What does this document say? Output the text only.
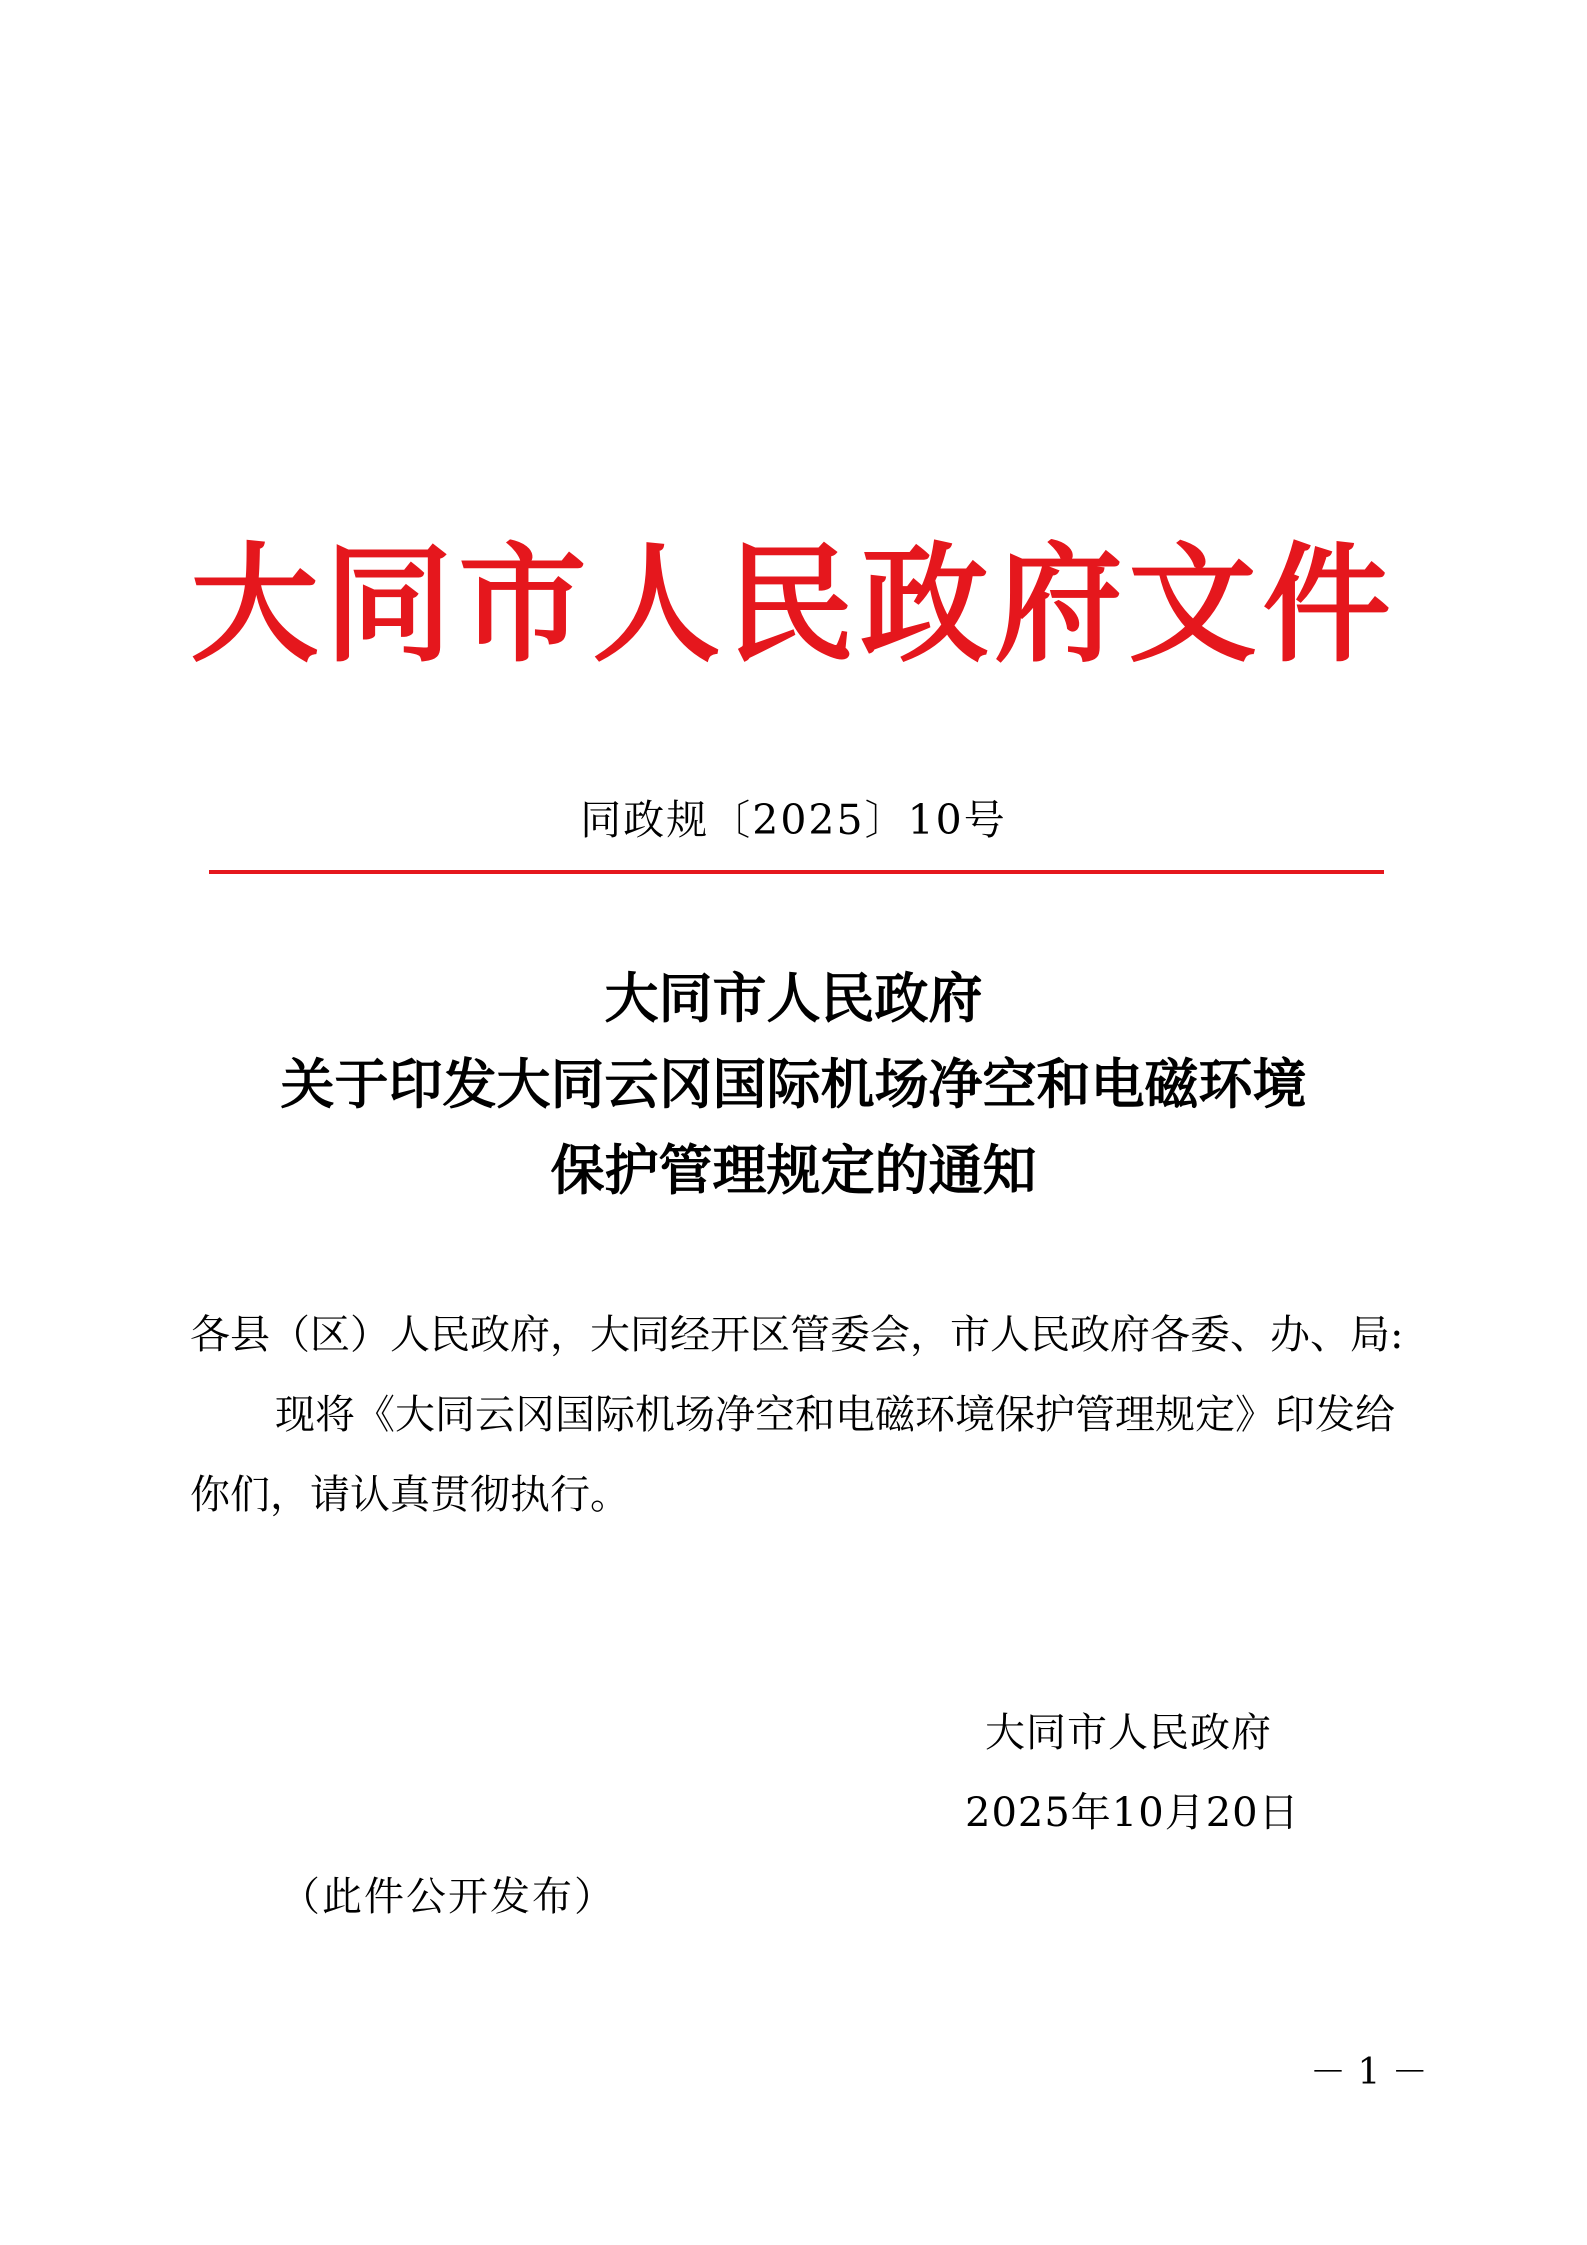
大同市人民政府文件
同政规〔2025〕10号
大同市人民政府
关于印发大同云冈国际机场净空和电磁环境
保护管理规定的通知
各县（区）人民政府，大同经开区管委会，市人民政府各委、办、局:
现将《大同云冈国际机场净空和电磁环境保护管理规定》印发给你们，请认真贯彻执行。
大同市人民政府
2025年10月20日
（此件公开发布）
－ 1 －
